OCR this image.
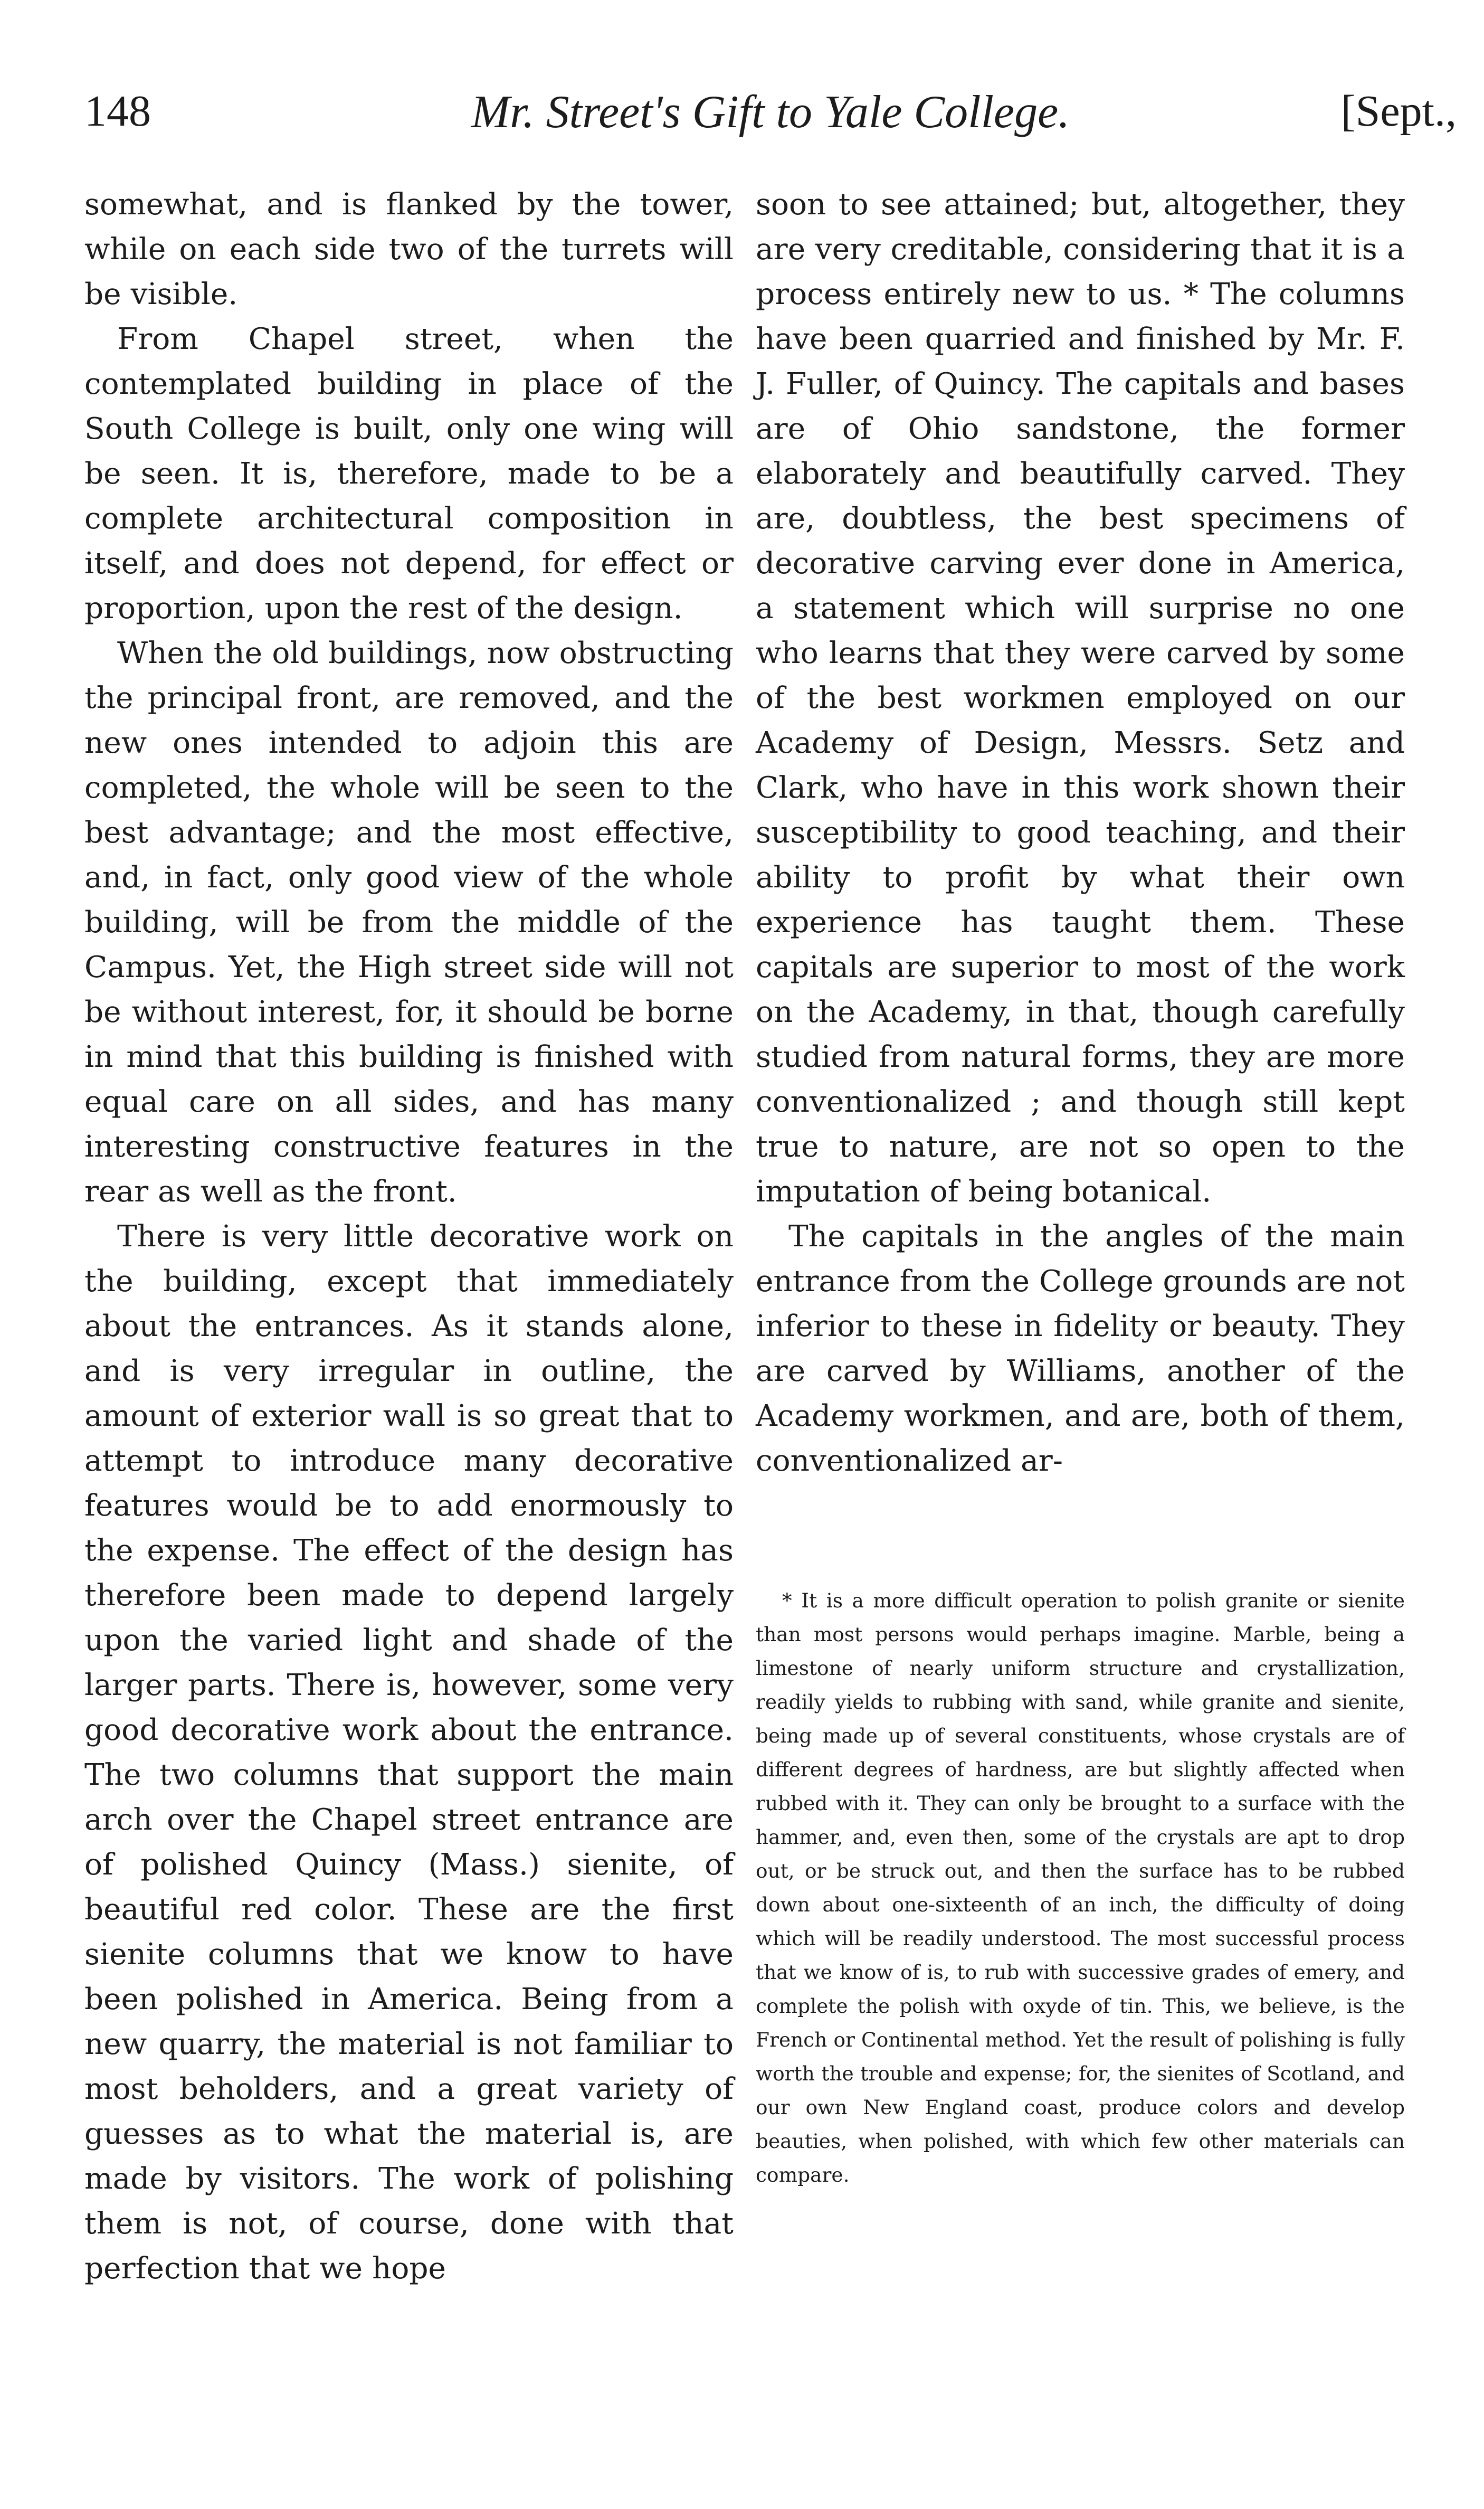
Mr. Street's Gift to Yale College.
148	[Sept.,

somewhat, and is flanked by the tower, while on each side two of the turrets will be visible.

From Chapel street, when the contemplated building in place of the South College is built, only one wing will be seen. It is, therefore, made to be a complete architectural composition in itself, and does not depend, for effect or proportion, upon the rest of the design.

When the old buildings, now obstructing the principal front, are removed, and the new ones intended to adjoin this are completed, the whole will be seen to the best advantage; and the most effective, and, in fact, only good view of the whole building, will be from the middle of the Campus. Yet, the High street side will not be without interest, for, it should be borne in mind that this building is finished with equal care on all sides, and has many interesting constructive features in the rear as well as the front.

There is very little decorative work on the building, except that immediately about the entrances. As it stands alone, and is very irregular in outline, the amount of exterior wall is so great that to attempt to introduce many decorative features would be to add enormously to the expense. The effect of the design has therefore been made to depend largely upon the varied light and shade of the larger parts. There is, however, some very good decorative work about the entrance. The two columns that support the main arch over the Chapel street entrance are of polished Quincy (Mass.) sienite, of beautiful red color. These are the first sienite columns that we know to have been polished in America. Being from a new quarry, the material is not familiar to most beholders, and a great variety of guesses as to what the material is, are made by visitors. The work of polishing them is not, of course, done with that perfection that we hope

soon to see attained; but, altogether, they are very creditable, considering that it is a process entirely new to us. * The columns have been quarried and finished by Mr. F. J. Fuller, of Quincy. The capitals and bases are of Ohio sandstone, the former elaborately and beautifully carved. They are, doubtless, the best specimens of decorative carving ever done in America, a statement which will surprise no one who learns that they were carved by some of the best workmen employed on our Academy of Design, Messrs. Setz and Clark, who have in this work shown their susceptibility to good teaching, and their ability to profit by what their own experience has taught them. These capitals are superior to most of the work on the Academy, in that, though carefully studied from natural forms, they are more conventionalized ; and though still kept true to nature, are not so open to the imputation of being botanical.

The capitals in the angles of the main entrance from the College grounds are not inferior to these in fidelity or beauty. They are carved by Williams, another of the Academy workmen, and are, both of them, conventionalized ar-

* It is a more difficult operation to polish granite or sienite than most persons would perhaps imagine. Marble, being a limestone of nearly uniform structure and crystallization, readily yields to rubbing with sand, while granite and sienite, being made up of several constituents, whose crystals are of different degrees of hardness, are but slightly affected when rubbed with it. They can only be brought to a surface with the hammer, and, even then, some of the crystals are apt to drop out, or be struck out, and then the surface has to be rubbed down about one-sixteenth of an inch, the difficulty of doing which will be readily understood. The most successful process that we know of is, to rub with successive grades of emery, and complete the polish with oxyde of tin. This, we believe, is the French or Continental method. Yet the result of polishing is fully worth the trouble and expense; for, the sienites of Scotland, and our own New England coast, produce colors and develop beauties, when polished, with which few other materials can compare.
